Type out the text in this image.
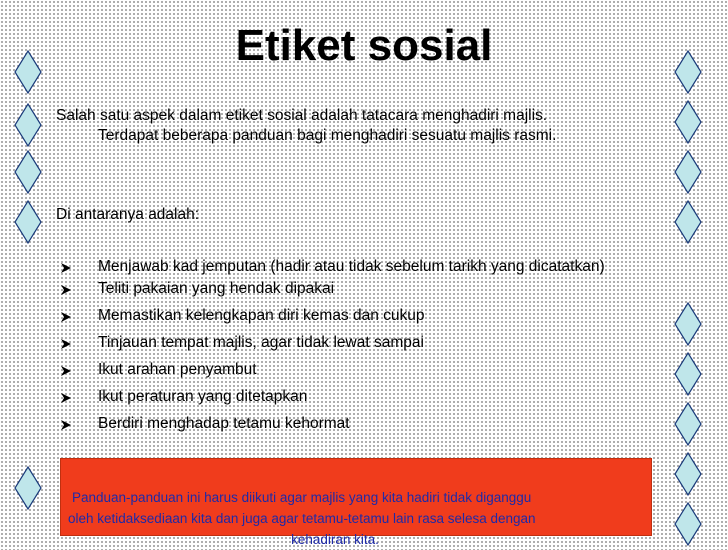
Etiket sosial
Salah satu aspek dalam etiket sosial adalah tatacara menghadiri majlis.
Terdapat beberapa panduan bagi menghadiri sesuatu majlis rasmi.
Di antaranya adalah:
Menjawab kad jemputan (hadir atau tidak sebelum tarikh yang dicatatkan)
Teliti pakaian yang hendak dipakai
Memastikan kelengkapan diri kemas dan cukup
Tinjauan tempat majlis, agar tidak lewat sampai
Ikut arahan penyambut
Ikut peraturan yang ditetapkan
Berdiri menghadap tetamu kehormat
Panduan-panduan ini harus diikuti agar majlis yang kita hadiri tidak diganggu
oleh ketidaksediaan kita dan juga agar tetamu-tetamu lain rasa selesa dengan
kehadiran kita.
